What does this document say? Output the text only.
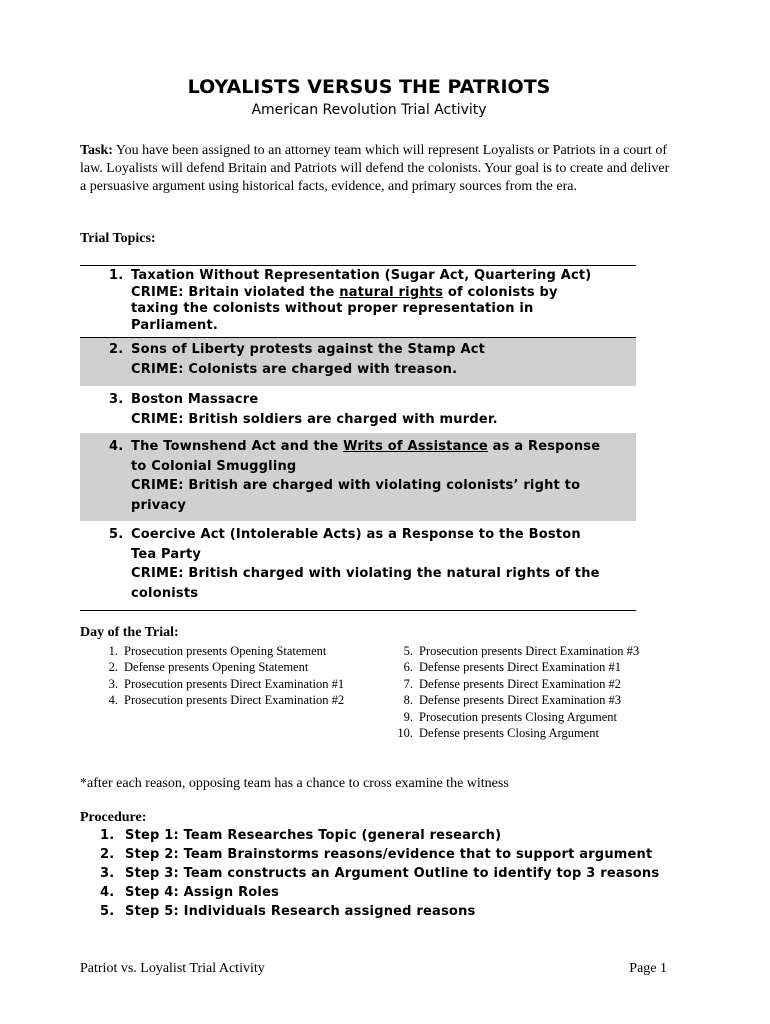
LOYALISTS VERSUS THE PATRIOTS
American Revolution Trial Activity
Task: You have been assigned to an attorney team which will represent Loyalists or Patriots in a court of law. Loyalists will defend Britain and Patriots will defend the colonists. Your goal is to create and deliver a persuasive argument using historical facts, evidence, and primary sources from the era.
Trial Topics:
1. Taxation Without Representation (Sugar Act, Quartering Act)
CRIME: Britain violated the natural rights of colonists by
taxing the colonists without proper representation in
Parliament.
2. Sons of Liberty protests against the Stamp Act
CRIME: Colonists are charged with treason.
3. Boston Massacre
CRIME: British soldiers are charged with murder.
4. The Townshend Act and the Writs of Assistance as a Response
to Colonial Smuggling
CRIME: British are charged with violating colonists’ right to
privacy
5. Coercive Act (Intolerable Acts) as a Response to the Boston
Tea Party
CRIME: British charged with violating the natural rights of the
colonists
Day of the Trial:
1. Prosecution presents Opening Statement
2. Defense presents Opening Statement
3. Prosecution presents Direct Examination #1
4. Prosecution presents Direct Examination #2
5. Prosecution presents Direct Examination #3
6. Defense presents Direct Examination #1
7. Defense presents Direct Examination #2
8. Defense presents Direct Examination #3
9. Prosecution presents Closing Argument
10. Defense presents Closing Argument
*after each reason, opposing team has a chance to cross examine the witness
Procedure:
1. Step 1: Team Researches Topic (general research)
2. Step 2: Team Brainstorms reasons/evidence that to support argument
3. Step 3: Team constructs an Argument Outline to identify top 3 reasons
4. Step 4: Assign Roles
5. Step 5: Individuals Research assigned reasons
Patriot vs. Loyalist Trial Activity	Page 1
